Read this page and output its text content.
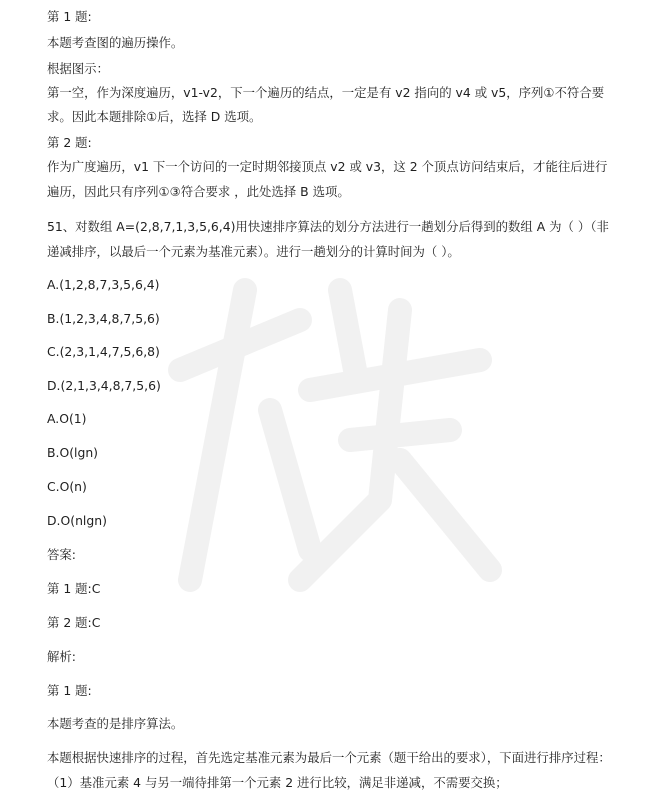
第 1 题:
本题考查图的遍历操作。
根据图示：
第一空，作为深度遍历，v1-v2，下一个遍历的结点，一定是有 v2 指向的 v4 或 v5，序列①不符合要
求。因此本题排除①后，选择 D 选项。
第 2 题:
作为广度遍历，v1 下一个访问的一定时期邻接顶点 v2 或 v3，这 2 个顶点访问结束后，才能往后进行
遍历，因此只有序列①③符合要求 ，此处选择 B 选项。
51、对数组 A=(2,8,7,1,3,5,6,4)用快速排序算法的划分方法进行一趟划分后得到的数组 A 为（ ）（非
递减排序，以最后一个元素为基准元素）。进行一趟划分的计算时间为（ ）。
A.(1,2,8,7,3,5,6,4)
B.(1,2,3,4,8,7,5,6)
C.(2,3,1,4,7,5,6,8)
D.(2,1,3,4,8,7,5,6)
A.O(1)
B.O(lgn)
C.O(n)
D.O(nlgn)
答案:
第 1 题:C
第 2 题:C
解析:
第 1 题:
本题考查的是排序算法。
本题根据快速排序的过程，首先选定基准元素为最后一个元素（题干给出的要求），下面进行排序过程：
（1）基准元素 4 与另一端待排第一个元素 2 进行比较，满足非递减，不需要交换；
